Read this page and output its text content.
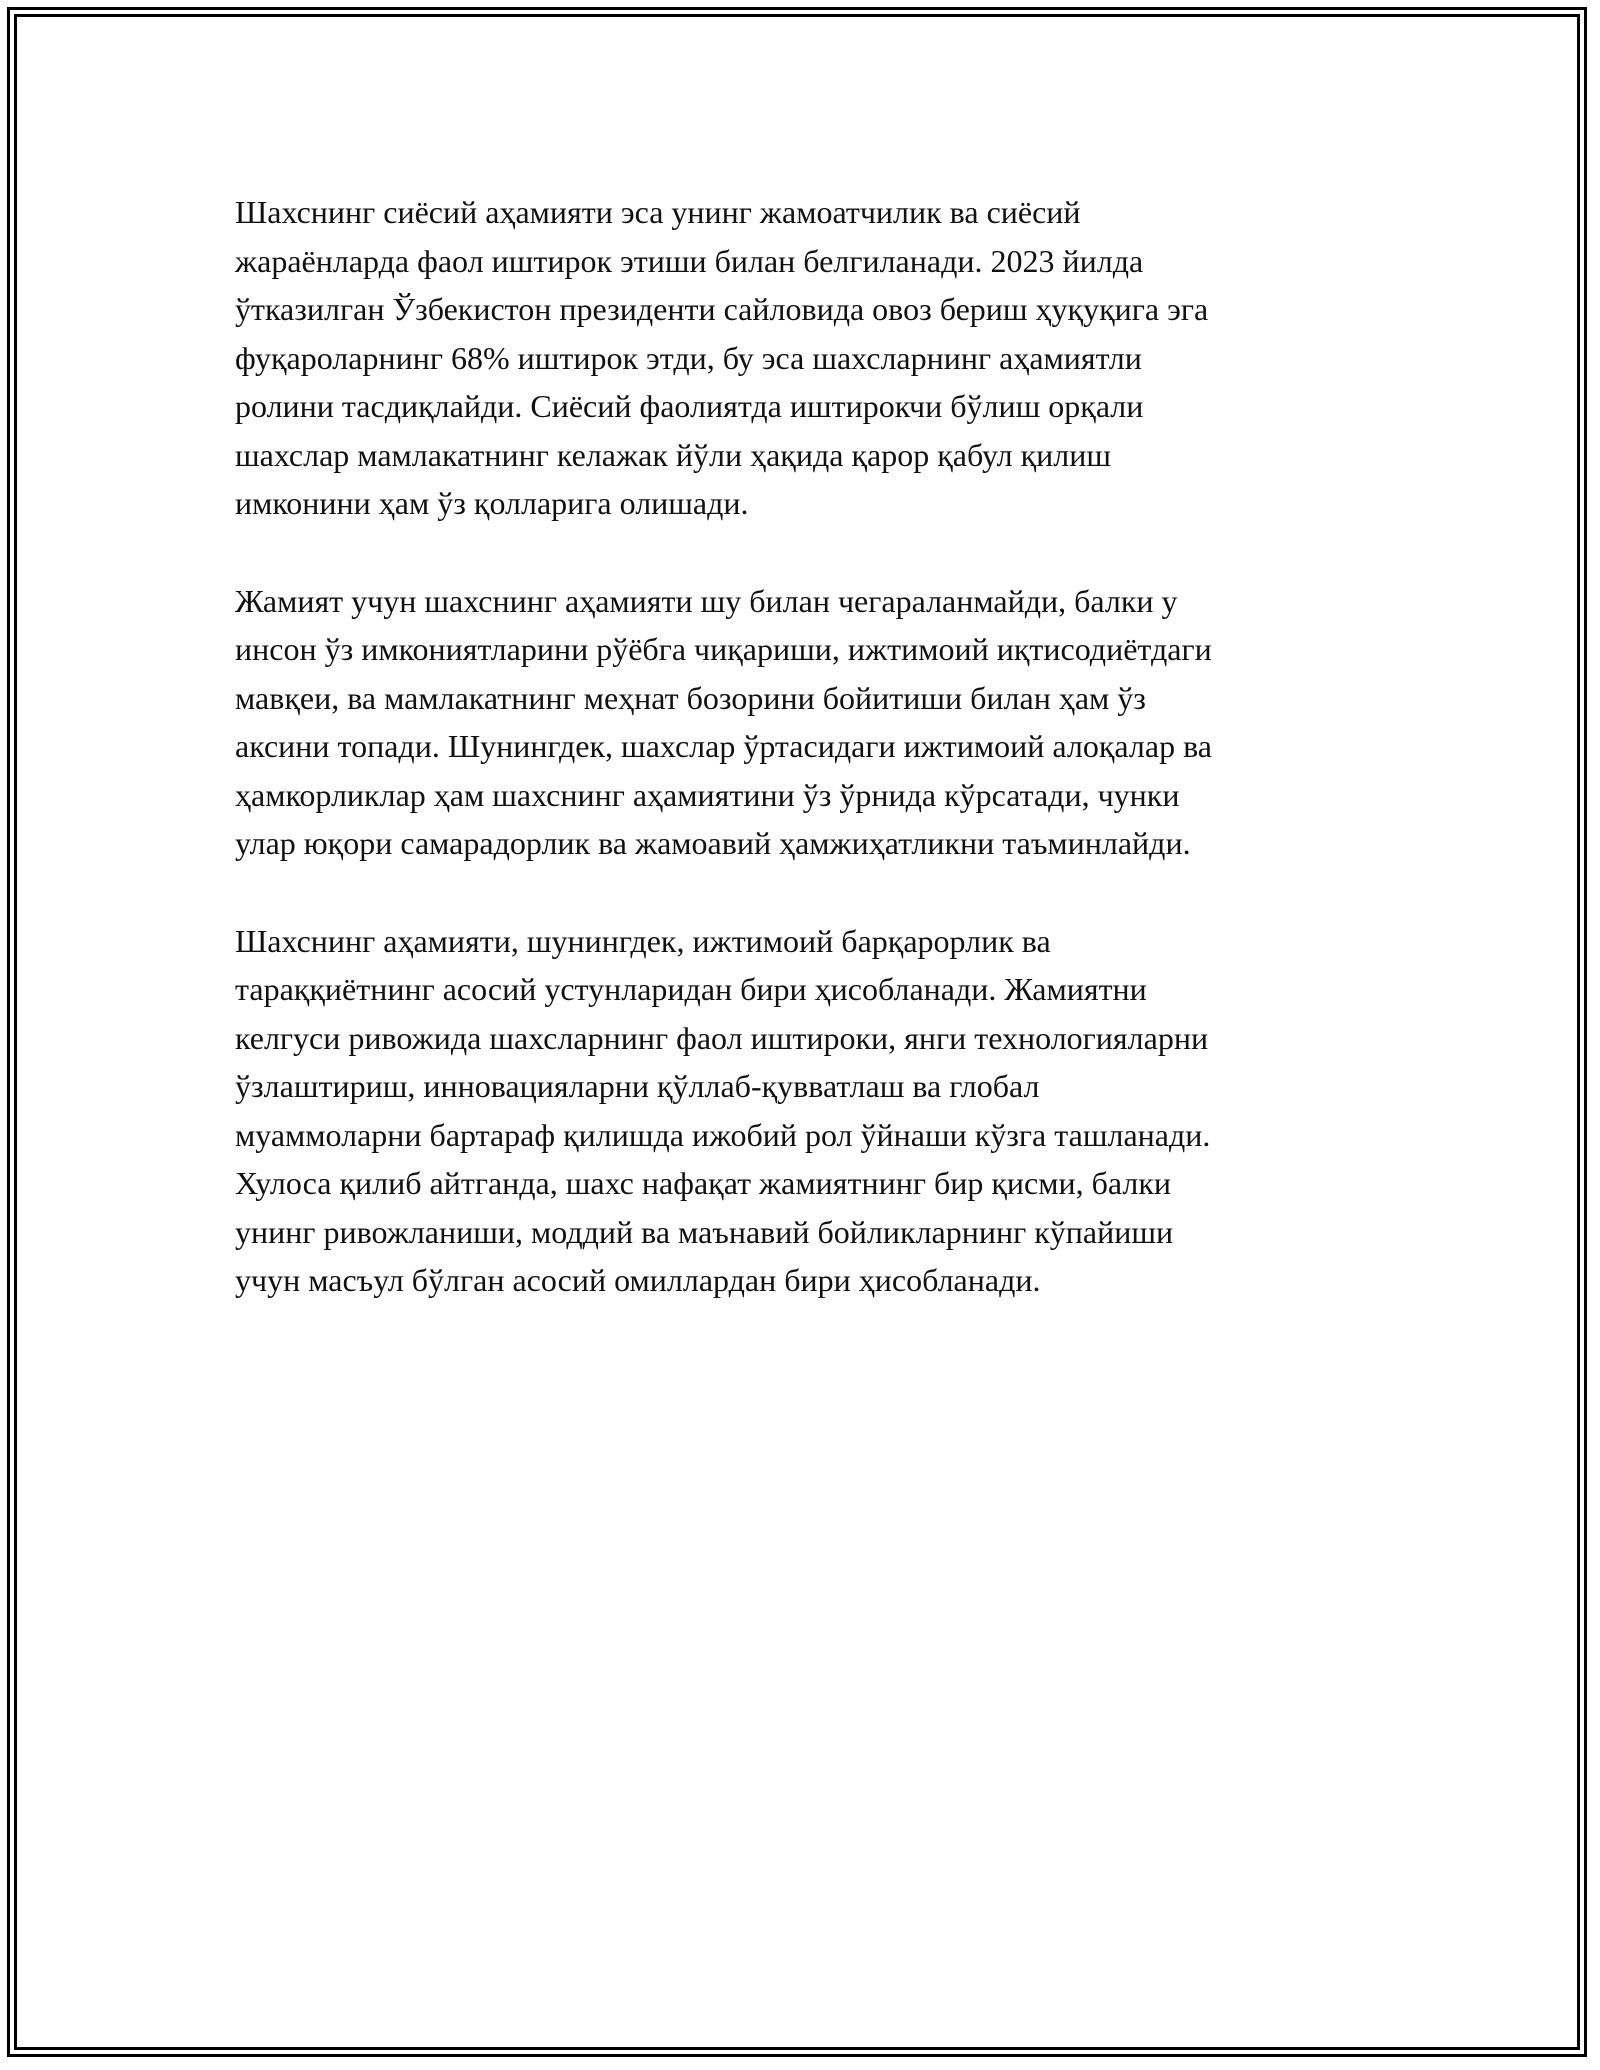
Шахснинг сиёсий аҳамияти эса унинг жамоатчилик ва сиёсий
жараёнларда фаол иштирок этиши билан белгиланади. 2023 йилда
ўтказилган Ўзбекистон президенти сайловида овоз бериш ҳуқуқига эга
фуқароларнинг 68% иштирок этди, бу эса шахсларнинг аҳамиятли
ролини тасдиқлайди. Сиёсий фаолиятда иштирокчи бўлиш орқали
шахслар мамлакатнинг келажак йўли ҳақида қарор қабул қилиш
имконини ҳам ўз қолларига олишади.

Жамият учун шахснинг аҳамияти шу билан чегараланмайди, балки у
инсон ўз имкониятларини рўёбга чиқариши, ижтимоий иқтисодиётдаги
мавқеи, ва мамлакатнинг меҳнат бозорини бойитиши билан ҳам ўз
аксини топади. Шунингдек, шахслар ўртасидаги ижтимоий алоқалар ва
ҳамкорликлар ҳам шахснинг аҳамиятини ўз ўрнида кўрсатади, чунки
улар юқори самарадорлик ва жамоавий ҳамжиҳатликни таъминлайди.

Шахснинг аҳамияти, шунингдек, ижтимоий барқарорлик ва
тараққиётнинг асосий устунларидан бири ҳисобланади. Жамиятни
келгуси ривожида шахсларнинг фаол иштироки, янги технологияларни
ўзлаштириш, инновацияларни қўллаб-қувватлаш ва глобал
муаммоларни бартараф қилишда ижобий рол ўйнаши кўзга ташланади.
Хулоса қилиб айтганда, шахс нафақат жамиятнинг бир қисми, балки
унинг ривожланиши, моддий ва маънавий бойликларнинг кўпайиши
учун масъул бўлган асосий омиллардан бири ҳисобланади.
